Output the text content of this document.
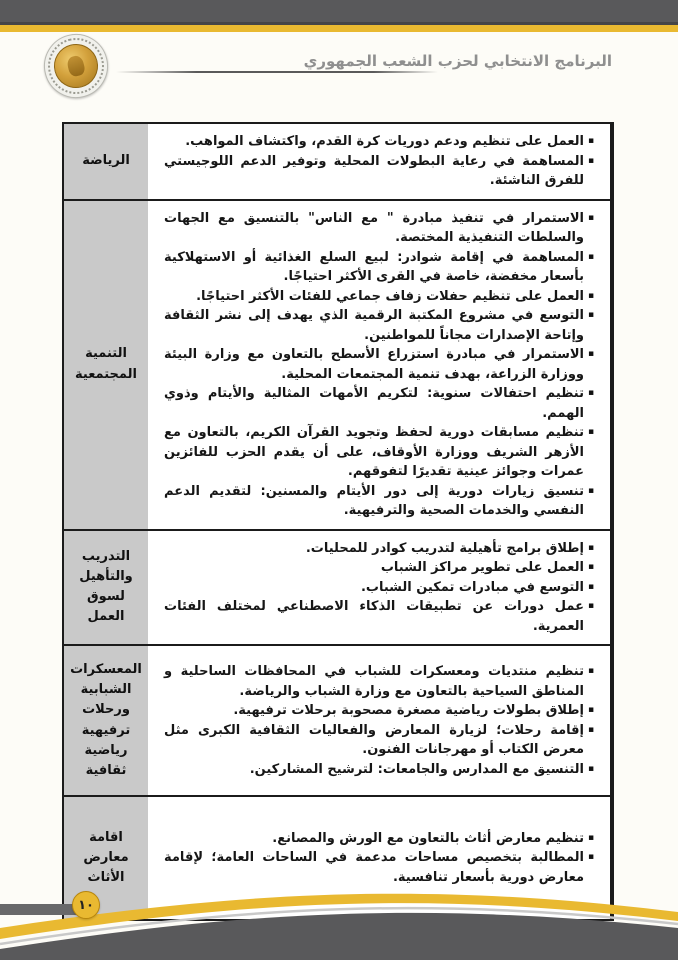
البرنامج الانتخابي لحزب الشعب الجمهوري
الرياضة
▪
العمل على تنظيم ودعم دوريات كرة القدم، واكتشاف المواهب.
▪
المساهمة في رعاية البطولات المحلية وتوفير الدعم اللوجيستي للفرق الناشئة.
التنمية المجتمعية
▪
الاستمرار في تنفيذ مبادرة " مع الناس" بالتنسيق مع الجهات والسلطات التنفيذية المختصة.
▪
المساهمة في إقامة شوادر: لبيع السلع الغذائية أو الاستهلاكية بأسعار مخفضة، خاصة في القرى الأكثر احتياجًا.
▪
العمل على تنظيم حفلات زفاف جماعي للفئات الأكثر احتياجًا.
▪
التوسع في مشروع المكتبة الرقمية الذي يهدف إلى نشر الثقافة وإتاحة الإصدارات مجاناً للمواطنين.
▪
الاستمرار في مبادرة استزراع الأسطح بالتعاون مع وزارة البيئة ووزارة الزراعة، بهدف تنمية المجتمعات المحلية.
▪
تنظيم احتفالات سنوية: لتكريم الأمهات المثالية والأيتام وذوي الهمم.
▪
تنظيم مسابقات دورية لحفظ وتجويد القرآن الكريم، بالتعاون مع الأزهر الشريف ووزارة الأوقاف، على أن يقدم الحزب للفائزين عمرات وجوائز عينية تقديرًا لتفوقهم.
▪
تنسيق زيارات دورية إلى دور الأيتام والمسنين: لتقديم الدعم النفسي والخدمات الصحية والترفيهية.
التدريب والتأهيل لسوق العمل
▪
إطلاق برامج تأهيلية لتدريب كوادر للمحليات.
▪
العمل على تطوير مراكز الشباب
▪
التوسع في مبادرات تمكين الشباب.
▪
عمل دورات عن تطبيقات الذكاء الاصطناعي لمختلف الفئات العمرية.
المعسكرات الشبابية ورحلات ترفيهية رياضية ثقافية
▪
تنظيم منتديات ومعسكرات للشباب في المحافظات الساحلية و المناطق السياحية بالتعاون مع وزارة الشباب والرياضة.
▪
إطلاق بطولات رياضية مصغرة مصحوبة برحلات ترفيهية.
▪
إقامة رحلات؛ لزيارة المعارض والفعاليات الثقافية الكبرى مثل معرض الكتاب أو مهرجانات الفنون.
▪
التنسيق مع المدارس والجامعات: لترشيح المشاركين.
اقامة معارض الأثاث
▪
تنظيم معارض أثاث بالتعاون مع الورش والمصانع.
▪
المطالبة بتخصيص مساحات مدعمة في الساحات العامة؛ لإقامة معارض دورية بأسعار تنافسية.
١٠
